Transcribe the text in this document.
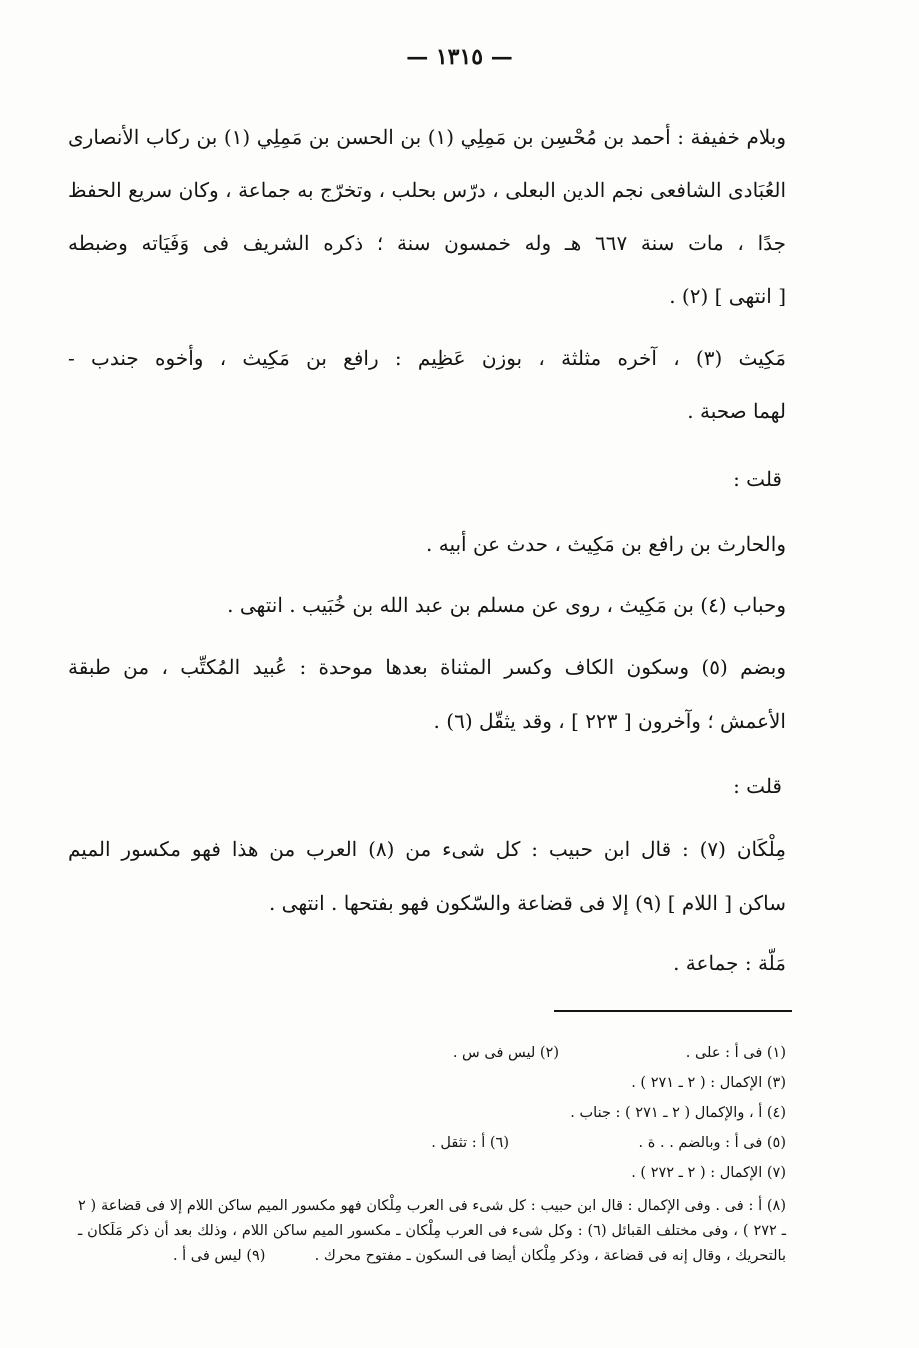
— ١٣١٥ —
وبلام خفيفة : أحمد بن مُحْسِن بن مَمِلِي (١) بن الحسن بن مَمِلِي (١) بن ركاب الأنصارى
العُبَادى الشافعى نجم الدين البعلى ، درّس بحلب ، وتخرّج به جماعة ، وكان سريع الحفظ
جدًا ، مات سنة ٦٦٧ هـ وله خمسون سنة ؛ ذكره الشريف فى وَفَيَاته وضبطه
[ انتهى ] (٢) .
مَكِيث (٣) ، آخره مثلثة ، بوزن عَظِيم : رافع بن مَكِيث ، وأخوه جندب -
لهما صحبة .
قلت :
والحارث بن رافع بن مَكِيث ، حدث عن أبيه .
وحباب (٤) بن مَكِيث ، روى عن مسلم بن عبد الله بن خُبَيب . انتهى .
وبضم (٥) وسكون الكاف وكسر المثناة بعدها موحدة : عُبيد المُكتِّب ، من طبقة
الأعمش ؛ وآخرون [ ٢٢٣ ] ، وقد يثقّل (٦) .
قلت :
مِلْكَان (٧) : قال ابن حبيب : كل شىء من (٨) العرب من هذا فهو مكسور الميم
ساكن [ اللام ] (٩) إلا فى قضاعة والسّكون فهو بفتحها . انتهى .
مَلّة : جماعة .
(١) فى أ : على .
(٢) ليس فى س .
(٣) الإكمال : ( ٢ ـ ٢٧١ ) .
(٤) أ ، والإكمال ( ٢ ـ ٢٧١ ) : جناب .
(٥) فى أ : وبالضم . . ة .
(٦) أ : تثقل .
(٧) الإكمال : ( ٢ ـ ٢٧٢ ) .
(٨) أ : فى . وفى الإكمال : قال ابن حبيب : كل شىء فى العرب مِلْكان فهو مكسور الميم ساكن اللام إلا فى قضاعة ( ٢ ـ ٢٧٢ ) ، وفى مختلف القبائل (٦) : وكل شىء فى العرب مِلْكان ـ مكسور الميم ساكن اللام ، وذلك بعد أن ذكر مَلَكان ـ بالتحريك ، وقال إنه فى قضاعة ، وذكر مِلْكان أيضا فى السكون ـ مفتوح محرك .  (٩) ليس فى أ .
